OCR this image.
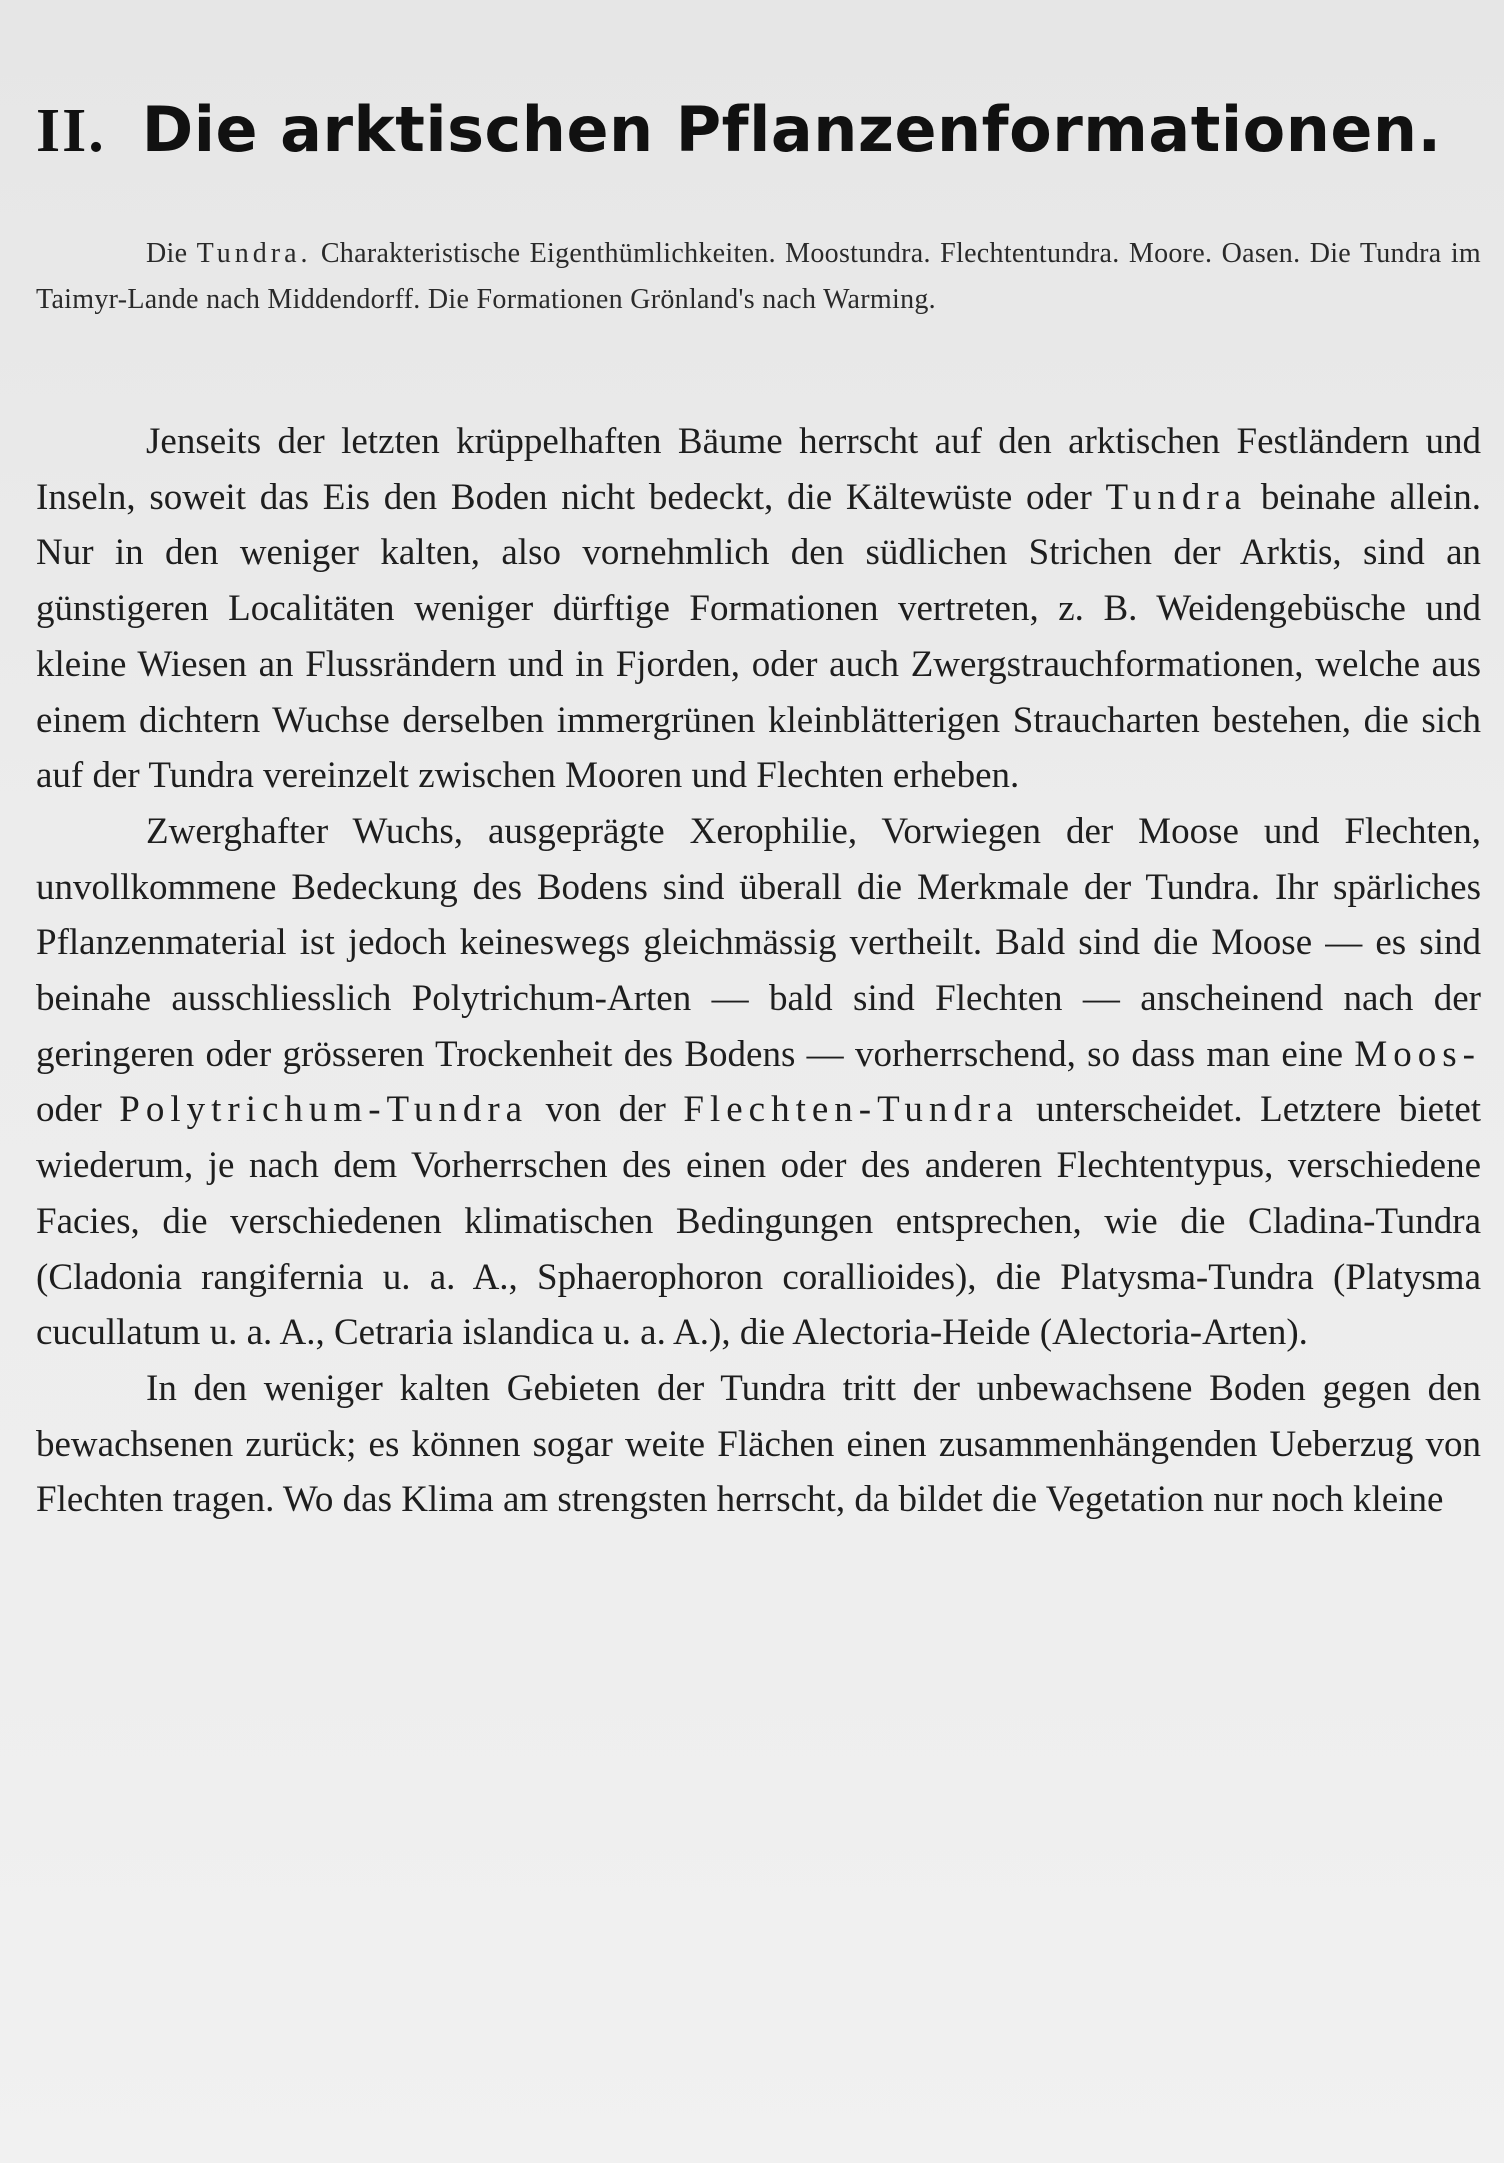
II. Die arktischen Pflanzenformationen.

Die Tundra. Charakteristische Eigenthümlichkeiten. Moostundra. Flechtentundra. Moore. Oasen. Die Tundra im Taimyr-Lande nach Middendorff. Die Formationen Grönland's nach Warming.

Jenseits der letzten krüppelhaften Bäume herrscht auf den arktischen Festländern und Inseln, soweit das Eis den Boden nicht bedeckt, die Kältewüste oder Tundra beinahe allein. Nur in den weniger kalten, also vornehmlich den südlichen Strichen der Arktis, sind an günstigeren Localitäten weniger dürftige Formationen vertreten, z. B. Weidengebüsche und kleine Wiesen an Flussrändern und in Fjorden, oder auch Zwergstrauchformationen, welche aus einem dichtern Wuchse derselben immergrünen kleinblätterigen Straucharten bestehen, die sich auf der Tundra vereinzelt zwischen Mooren und Flechten erheben.

Zwerghafter Wuchs, ausgeprägte Xerophilie, Vorwiegen der Moose und Flechten, unvollkommene Bedeckung des Bodens sind überall die Merkmale der Tundra. Ihr spärliches Pflanzenmaterial ist jedoch keineswegs gleichmässig vertheilt. Bald sind die Moose — es sind beinahe ausschliesslich Polytrichum-Arten — bald sind Flechten — anscheinend nach der geringeren oder grösseren Trockenheit des Bodens — vorherrschend, so dass man eine Moos- oder Polytrichum-Tundra von der Flechten-Tundra unterscheidet. Letztere bietet wiederum, je nach dem Vorherrschen des einen oder des anderen Flechtentypus, verschiedene Facies, die verschiedenen klimatischen Bedingungen entsprechen, wie die Cladina-Tundra (Cladonia rangifernia u. a. A., Sphaerophoron corallioides), die Platysma-Tundra (Platysma cucullatum u. a. A., Cetraria islandica u. a. A.), die Alectoria-Heide (Alectoria-Arten).

In den weniger kalten Gebieten der Tundra tritt der unbewachsene Boden gegen den bewachsenen zurück; es können sogar weite Flächen einen zusammenhängenden Ueberzug von Flechten tragen. Wo das Klima am strengsten herrscht, da bildet die Vegetation nur noch kleine
